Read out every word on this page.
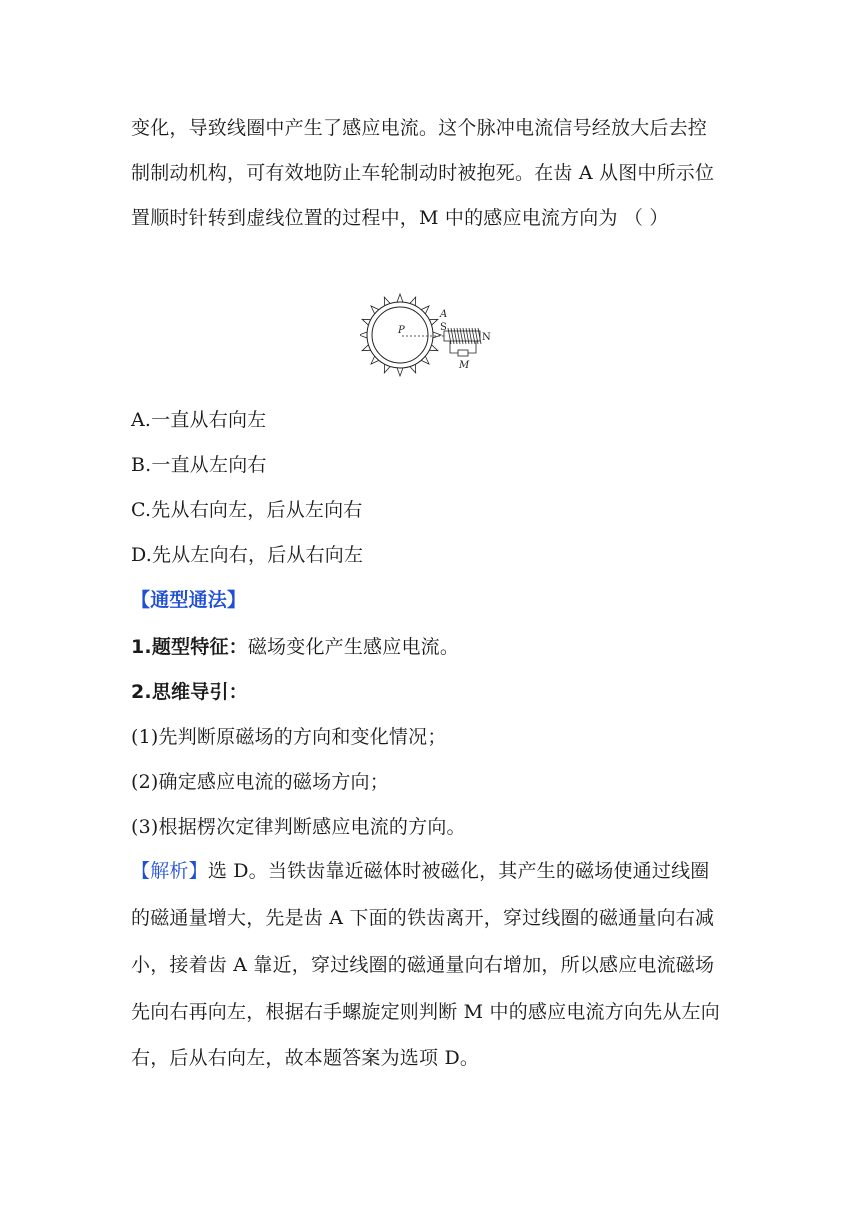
变化，导致线圈中产生了感应电流。这个脉冲电流信号经放大后去控
制制动机构，可有效地防止车轮制动时被抱死。在齿 A 从图中所示位
置顺时针转到虚线位置的过程中，M 中的感应电流方向为 （ ）
P
A
S
N
M
A.一直从右向左
B.一直从左向右
C.先从右向左，后从左向右
D.先从左向右，后从右向左
【通型通法】
1.题型特征：磁场变化产生感应电流。
2.思维导引：
(1)先判断原磁场的方向和变化情况；
(2)确定感应电流的磁场方向；
(3)根据楞次定律判断感应电流的方向。
【解析】选 D。当铁齿靠近磁体时被磁化，其产生的磁场使通过线圈
的磁通量增大，先是齿 A 下面的铁齿离开，穿过线圈的磁通量向右减
小，接着齿 A 靠近，穿过线圈的磁通量向右增加，所以感应电流磁场
先向右再向左，根据右手螺旋定则判断 M 中的感应电流方向先从左向
右，后从右向左，故本题答案为选项 D。
